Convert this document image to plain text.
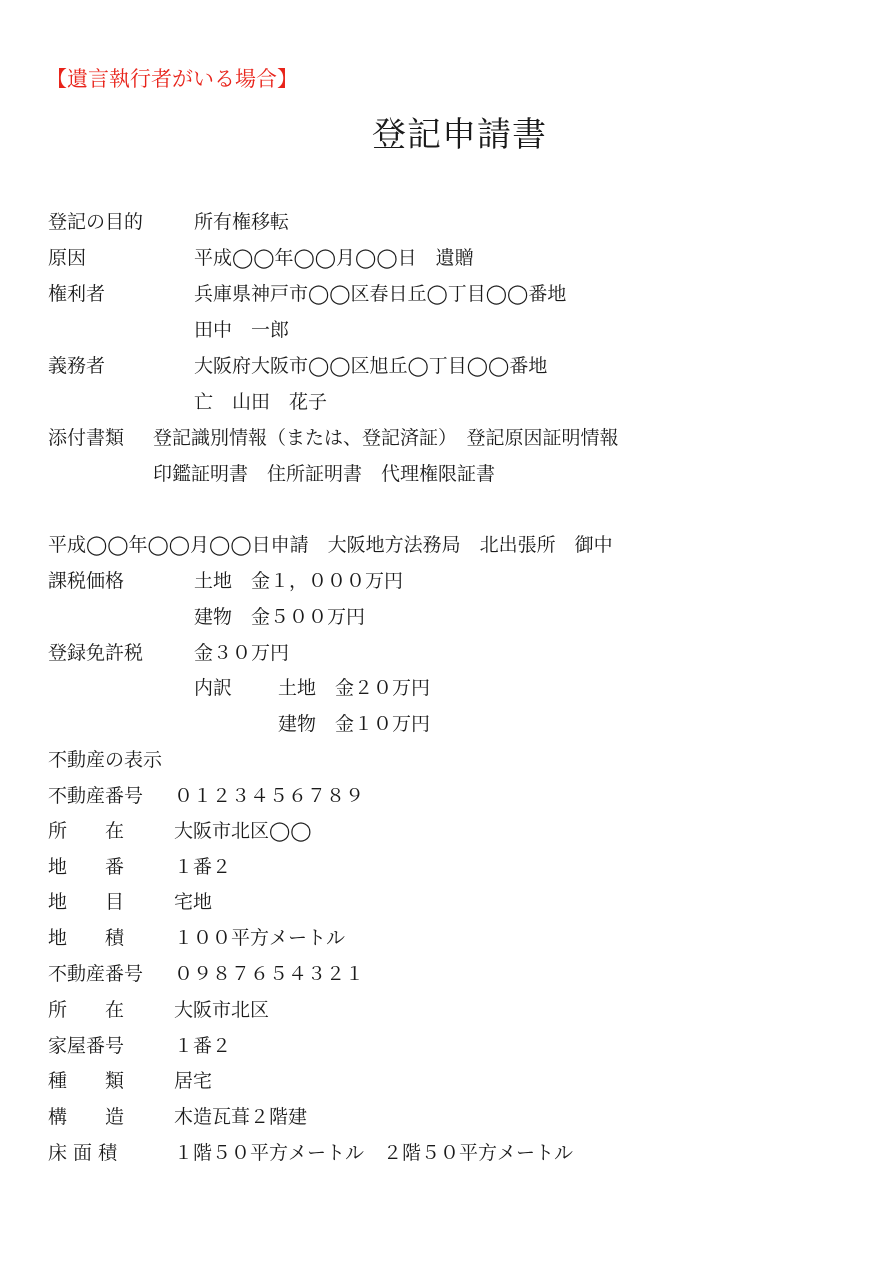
【遺言執行者がいる場合】
登記申請書
登記の目的	所有権移転
原因	平成◯◯年◯◯月◯◯日　遺贈
権利者	兵庫県神戸市◯◯区春日丘◯丁目◯◯番地
田中　一郎
義務者	大阪府大阪市◯◯区旭丘◯丁目◯◯番地
亡　山田　花子
添付書類 登記識別情報（または、登記済証）　登記原因証明情報
印鑑証明書　住所証明書　代理権限証書
平成◯◯年◯◯月◯◯日申請　大阪地方法務局　北出張所　御中
課税価格	土地　金１，０００万円
建物　金５００万円
登録免許税	金３０万円
内訳 土地　金２０万円
建物　金１０万円
不動産の表示
不動産番号 ０１２３４５６７８９
所　　在	大阪市北区◯◯
地　　番	１番２
地　　目	宅地
地　　積	１００平方メートル
不動産番号 ０９８７６５４３２１
所　　在	大阪市北区
家屋番号	１番２
種　　類	居宅
構　　造	木造瓦葺２階建
床 面 積	１階５０平方メートル　２階５０平方メートル
